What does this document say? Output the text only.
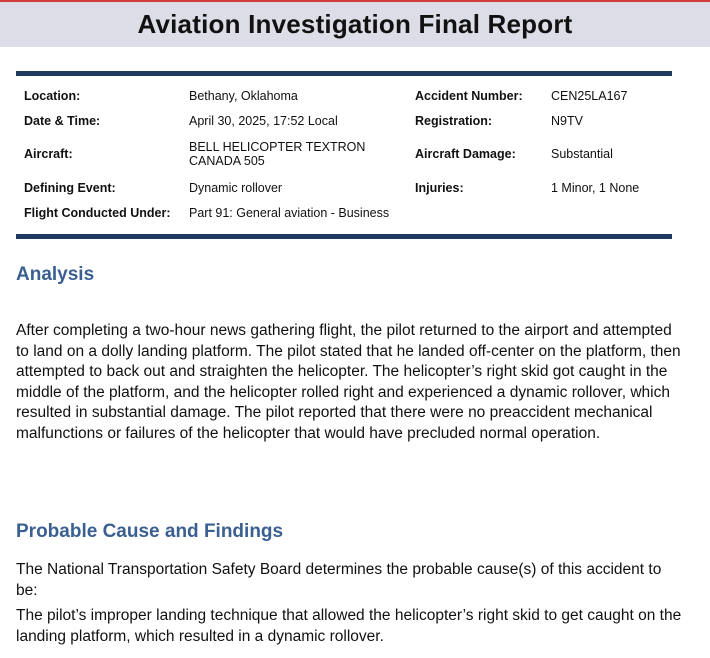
Aviation Investigation Final Report
Location:	Bethany, Oklahoma	Accident Number:	CEN25LA167
Date & Time:	April 30, 2025, 17:52 Local	Registration:	N9TV
Aircraft:	BELL HELICOPTER TEXTRON CANADA 505	Aircraft Damage:	Substantial
Defining Event:	Dynamic rollover	Injuries:	1 Minor, 1 None
Flight Conducted Under:	Part 91: General aviation - Business		
Analysis

After completing a two-hour news gathering flight, the pilot returned to the airport and attempted to land on a dolly landing platform. The pilot stated that he landed off-center on the platform, then attempted to back out and straighten the helicopter. The helicopter’s right skid got caught in the middle of the platform, and the helicopter rolled right and experienced a dynamic rollover, which resulted in substantial damage. The pilot reported that there were no preaccident mechanical malfunctions or failures of the helicopter that would have precluded normal operation.

Probable Cause and Findings

The National Transportation Safety Board determines the probable cause(s) of this accident to be:

The pilot’s improper landing technique that allowed the helicopter’s right skid to get caught on the landing platform, which resulted in a dynamic rollover.
